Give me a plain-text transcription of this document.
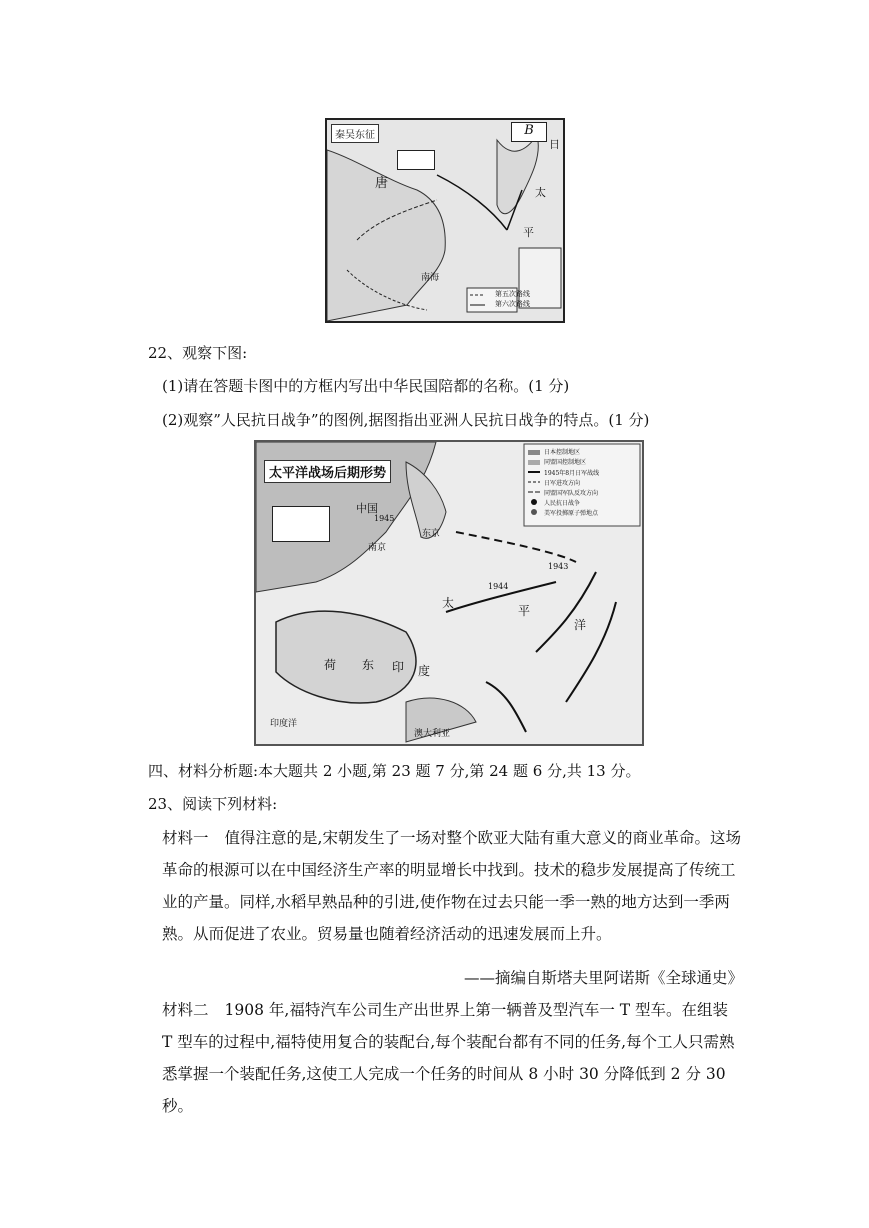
秦吴东征	B
唐
日
太
平
南海
第五次路线
第六次路线
22、观察下图:
(1)请在答题卡图中的方框内写出中华民国陪都的名称。(1 分)
(2)观察”人民抗日战争”的图例,据图指出亚洲人民抗日战争的特点。(1 分)
太平洋战场后期形势
中国
南京
东京
太
平
洋
荷 东 印 度
印度洋
澳大利亚
1944
1943
1945
日本控制地区
同盟国控制地区
1945年8月日军战线
日军进攻方向
同盟国军队反攻方向
人民抗日战争
美军投掷原子弹地点
四、材料分析题:本大题共 2 小题,第 23 题 7 分,第 24 题 6 分,共 13 分。
23、阅读下列材料:
材料一 值得注意的是,宋朝发生了一场对整个欧亚大陆有重大意义的商业革命。这场革命的根源可以在中国经济生产率的明显增长中找到。技术的稳步发展提高了传统工业的产量。同样,水稻早熟品种的引进,使作物在过去只能一季一熟的地方达到一季两熟。从而促进了农业。贸易量也随着经济活动的迅速发展而上升。
——摘编自斯塔夫里阿诺斯《全球通史》
材料二 1908 年,福特汽车公司生产出世界上第一辆普及型汽车一 T 型车。在组装 T 型车的过程中,福特使用复合的装配台,每个装配台都有不同的任务,每个工人只需熟悉掌握一个装配任务,这使工人完成一个任务的时间从 8 小时 30 分降低到 2 分 30 秒。
